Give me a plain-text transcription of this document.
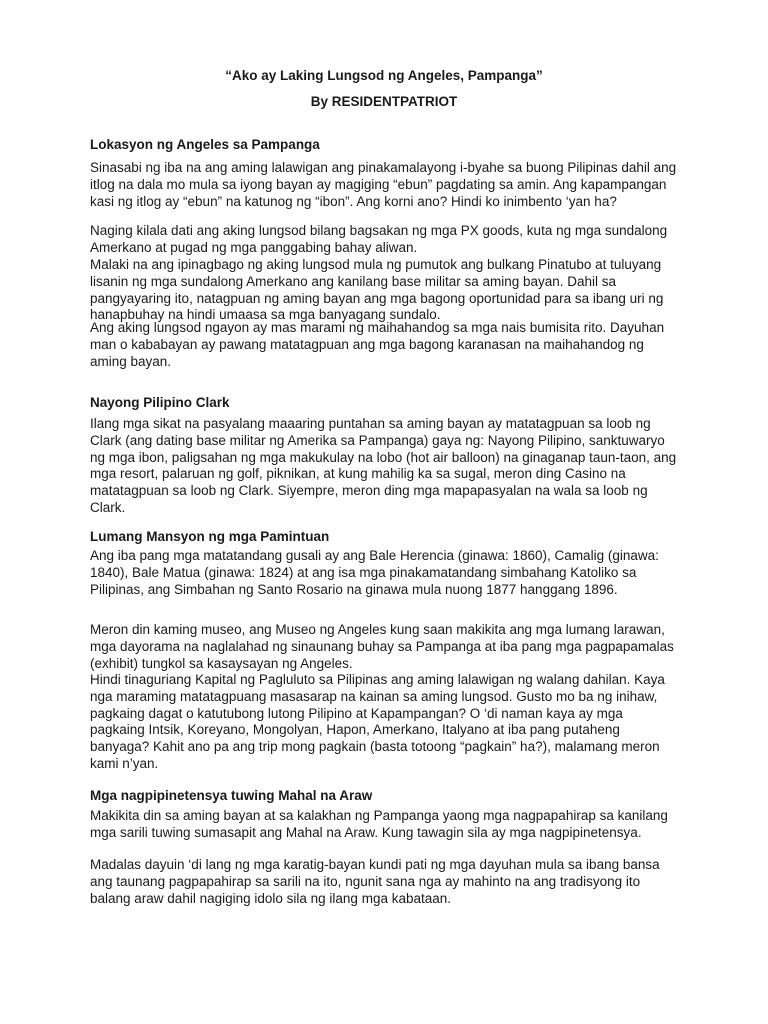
“Ako ay Laking Lungsod ng Angeles, Pampanga”
By RESIDENTPATRIOT
Lokasyon ng Angeles sa Pampanga

Sinasabi ng iba na ang aming lalawigan ang pinakamalayong i-byahe sa buong Pilipinas dahil ang itlog na dala mo mula sa iyong bayan ay magiging “ebun” pagdating sa amin. Ang kapampangan kasi ng itlog ay “ebun” na katunog ng “ibon”. Ang korni ano? Hindi ko inimbento ‘yan ha?

Naging kilala dati ang aking lungsod bilang bagsakan ng mga PX goods, kuta ng mga sundalong Amerkano at pugad ng mga panggabing bahay aliwan.

Malaki na ang ipinagbago ng aking lungsod mula ng pumutok ang bulkang Pinatubo at tuluyang lisanin ng mga sundalong Amerkano ang kanilang base militar sa aming bayan. Dahil sa pangyayaring ito, natagpuan ng aming bayan ang mga bagong oportunidad para sa ibang uri ng hanapbuhay na hindi umaasa sa mga banyagang sundalo.

Ang aking lungsod ngayon ay mas marami ng maihahandog sa mga nais bumisita rito. Dayuhan man o kababayan ay pawang matatagpuan ang mga bagong karanasan na maihahandog ng aming bayan.

Nayong Pilipino Clark

Ilang mga sikat na pasyalang maaaring puntahan sa aming bayan ay matatagpuan sa loob ng Clark (ang dating base militar ng Amerika sa Pampanga) gaya ng: Nayong Pilipino, sanktuwaryo ng mga ibon, paligsahan ng mga makukulay na lobo (hot air balloon) na ginaganap taun-taon, ang mga resort, palaruan ng golf, piknikan, at kung mahilig ka sa sugal, meron ding Casino na matatagpuan sa loob ng Clark. Siyempre, meron ding mga mapapasyalan na wala sa loob ng Clark.

Lumang Mansyon ng mga Pamintuan

Ang iba pang mga matatandang gusali ay ang Bale Herencia (ginawa: 1860), Camalig (ginawa: 1840), Bale Matua (ginawa: 1824) at ang isa mga pinakamatandang simbahang Katoliko sa Pilipinas, ang Simbahan ng Santo Rosario na ginawa mula nuong 1877 hanggang 1896.

Meron din kaming museo, ang Museo ng Angeles kung saan makikita ang mga lumang larawan, mga dayorama na naglalahad ng sinaunang buhay sa Pampanga at iba pang mga pagpapamalas (exhibit) tungkol sa kasaysayan ng Angeles.

Hindi tinaguriang Kapital ng Pagluluto sa Pilipinas ang aming lalawigan ng walang dahilan. Kaya nga maraming matatagpuang masasarap na kainan sa aming lungsod. Gusto mo ba ng inihaw, pagkaing dagat o katutubong lutong Pilipino at Kapampangan? O ‘di naman kaya ay mga pagkaing Intsik, Koreyano, Mongolyan, Hapon, Amerkano, Italyano at iba pang putaheng banyaga? Kahit ano pa ang trip mong pagkain (basta totoong “pagkain” ha?), malamang meron kami n’yan.

Mga nagpipinetensya tuwing Mahal na Araw

Makikita din sa aming bayan at sa kalakhan ng Pampanga yaong mga nagpapahirap sa kanilang mga sarili tuwing sumasapit ang Mahal na Araw. Kung tawagin sila ay mga nagpipinetensya.

Madalas dayuin ‘di lang ng mga karatig-bayan kundi pati ng mga dayuhan mula sa ibang bansa ang taunang pagpapahirap sa sarili na ito, ngunit sana nga ay mahinto na ang tradisyong ito balang araw dahil nagiging idolo sila ng ilang mga kabataan.
